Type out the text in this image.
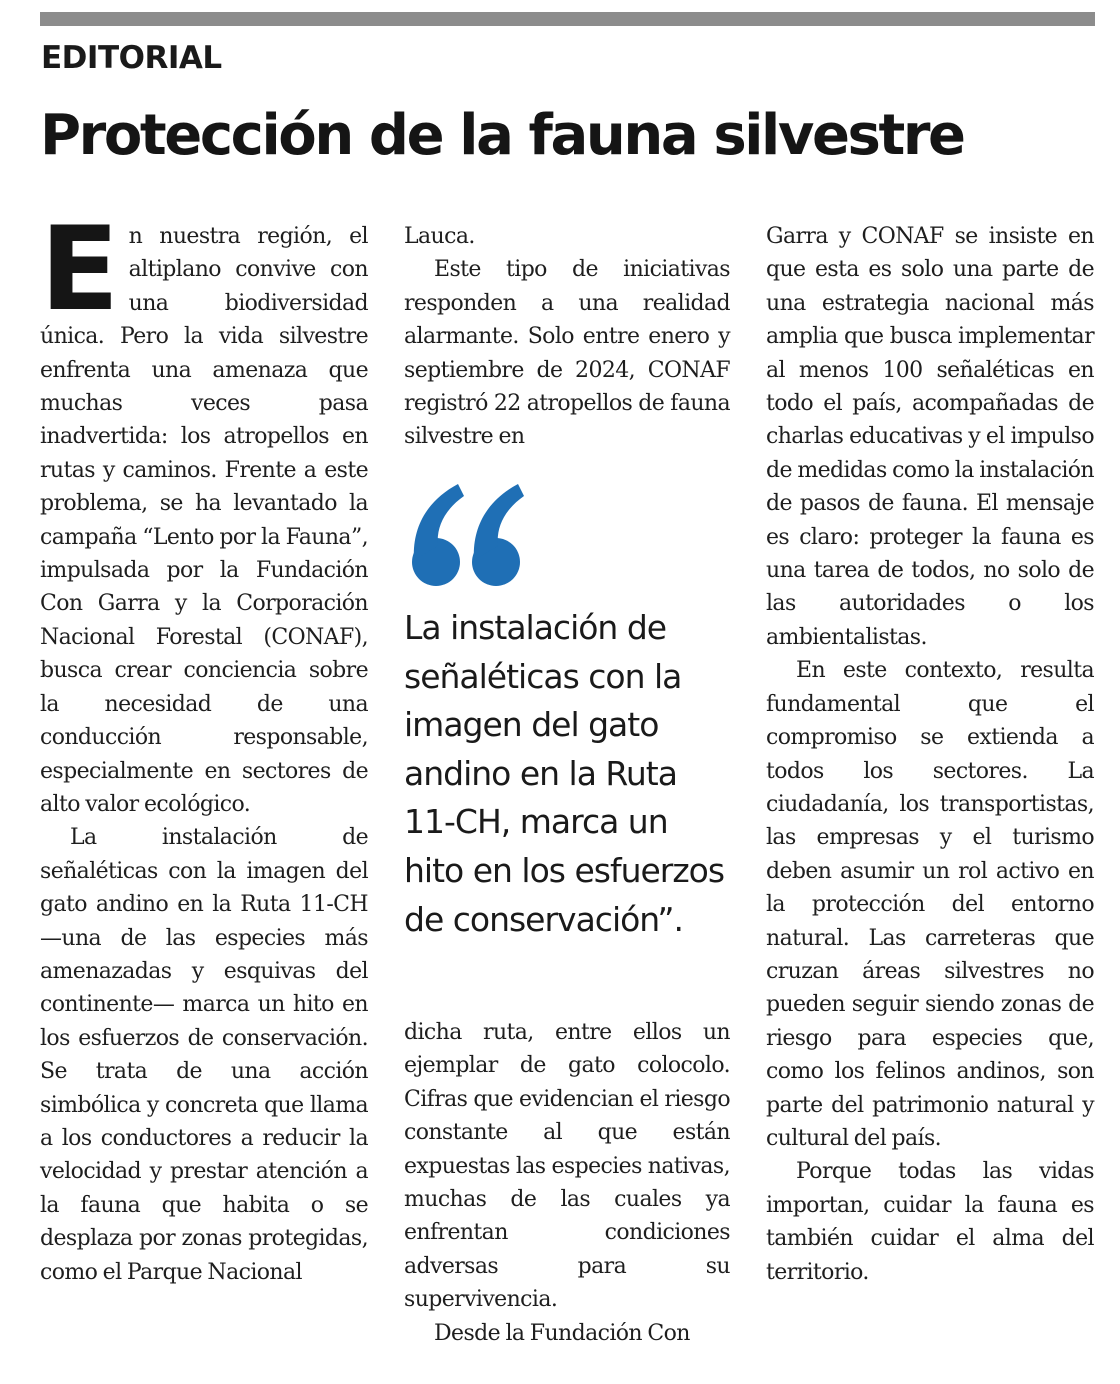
EDITORIAL
Protección de la fauna silvestre

En nuestra región, el altiplano convive con una biodiversidad única. Pero la vida silvestre enfrenta una amenaza que muchas veces pasa inadvertida: los atropellos en rutas y caminos. Frente a este problema, se ha levantado la campaña “Lento por la Fauna”, impulsada por la Fundación Con Garra y la Corporación Nacional Forestal (CONAF), busca crear conciencia sobre la necesidad de una conducción responsable, especialmente en sectores de alto valor ecológico.

La instalación de señaléticas con la imagen del gato andino en la Ruta 11-CH —una de las especies más amenazadas y esquivas del continente— marca un hito en los esfuerzos de conservación. Se trata de una acción simbólica y concreta que llama a los conductores a reducir la velocidad y prestar atención a la fauna que habita o se desplaza por zonas protegidas, como el Parque Nacional

Lauca.

Este tipo de iniciativas responden a una realidad alarmante. Solo entre enero y septiembre de 2024, CONAF registró 22 atropellos de fauna silvestre en

La instalación de señaléticas con la imagen del gato andino en la Ruta 11-CH, marca un hito en los esfuerzos de conservación”.

dicha ruta, entre ellos un ejemplar de gato colocolo. Cifras que evidencian el riesgo constante al que están expuestas las especies nativas, muchas de las cuales ya enfrentan condiciones adversas para su supervivencia.

Desde la Fundación Con

Garra y CONAF se insiste en que esta es solo una parte de una estrategia nacional más amplia que busca implementar al menos 100 señaléticas en todo el país, acompañadas de charlas educativas y el impulso de medidas como la instalación de pasos de fauna. El mensaje es claro: proteger la fauna es una tarea de todos, no solo de las autoridades o los ambientalistas.

En este contexto, resulta fundamental que el compromiso se extienda a todos los sectores. La ciudadanía, los transportistas, las empresas y el turismo deben asumir un rol activo en la protección del entorno natural. Las carreteras que cruzan áreas silvestres no pueden seguir siendo zonas de riesgo para especies que, como los felinos andinos, son parte del patrimonio natural y cultural del país.

Porque todas las vidas importan, cuidar la fauna es también cuidar el alma del territorio.
